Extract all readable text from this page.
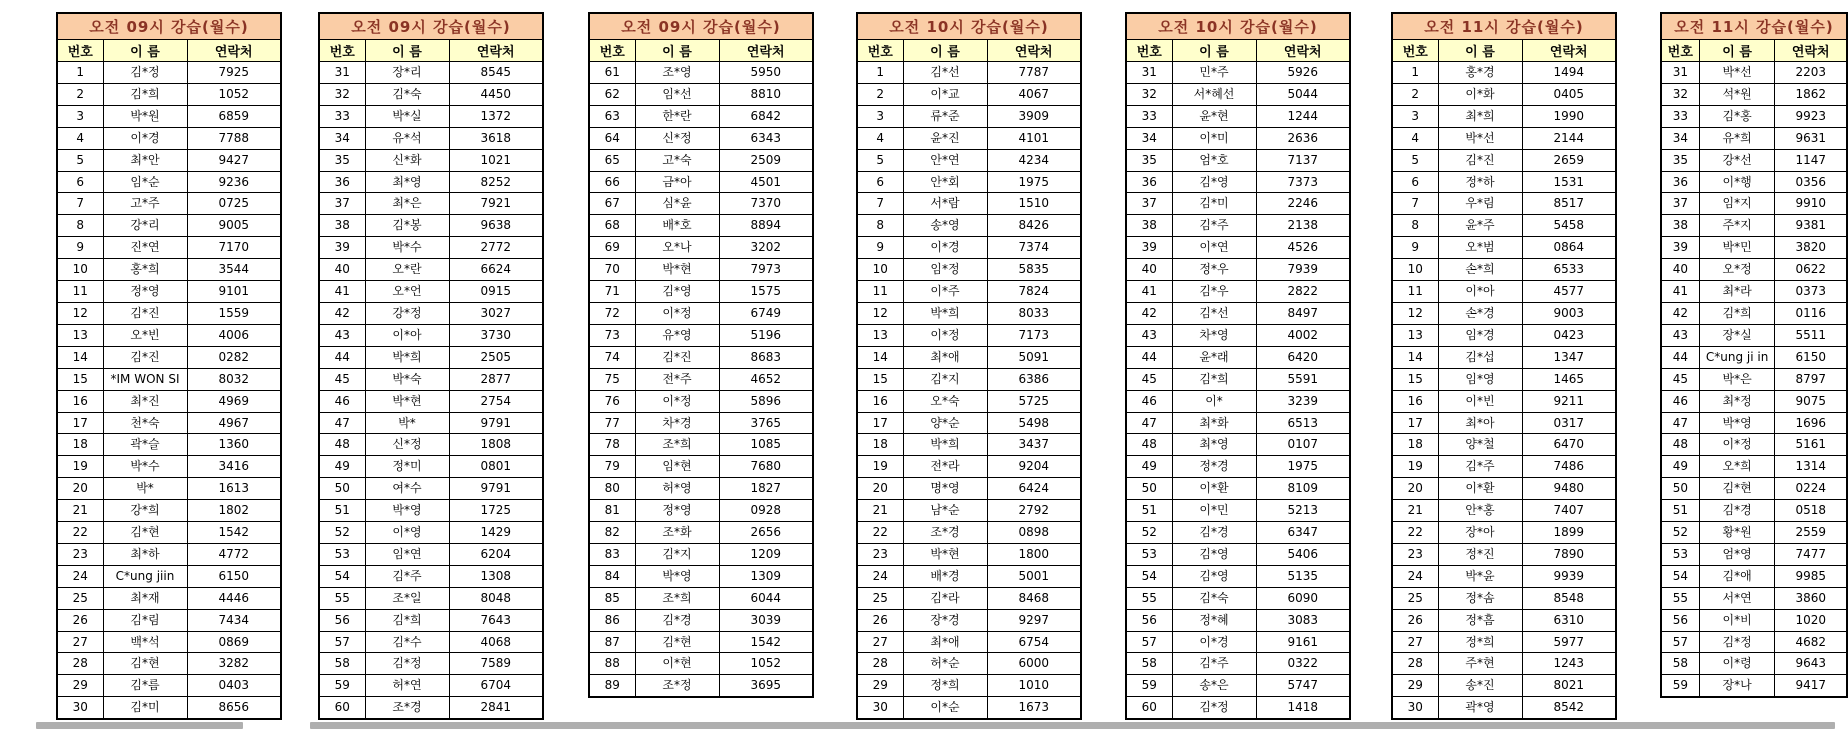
오전 09시 강습(월수)		
번호	이 름	연락처
1	김*정	7925
2	김*희	1052
3	박*원	6859
4	이*경	7788
5	최*안	9427
6	임*순	9236
7	고*주	0725
8	강*리	9005
9	진*연	7170
10	홍*희	3544
11	정*영	9101
12	김*진	1559
13	오*빈	4006
14	김*진	0282
15	*IM WON SI	8032
16	최*진	4969
17	천*숙	4967
18	곽*슬	1360
19	박*수	3416
20	박*	1613
21	강*희	1802
22	김*현	1542
23	최*하	4772
24	C*ung jiin	6150
25	최*재	4446
26	김*림	7434
27	백*석	0869
28	김*현	3282
29	김*름	0403
30	김*미	8656
오전 09시 강습(월수)		
번호	이 름	연락처
31	장*리	8545
32	김*숙	4450
33	박*실	1372
34	유*석	3618
35	신*화	1021
36	최*영	8252
37	최*은	7921
38	김*봉	9638
39	박*수	2772
40	오*란	6624
41	오*언	0915
42	강*정	3027
43	이*아	3730
44	박*희	2505
45	박*숙	2877
46	박*현	2754
47	박*	9791
48	신*정	1808
49	정*미	0801
50	여*수	9791
51	박*영	1725
52	이*영	1429
53	임*연	6204
54	김*주	1308
55	조*일	8048
56	김*희	7643
57	김*수	4068
58	김*정	7589
59	허*연	6704
60	조*경	2841
오전 09시 강습(월수)		
번호	이 름	연락처
61	조*영	5950
62	임*선	8810
63	한*란	6842
64	신*정	6343
65	고*숙	2509
66	금*아	4501
67	심*윤	7370
68	배*호	8894
69	오*나	3202
70	박*현	7973
71	김*영	1575
72	이*정	6749
73	유*영	5196
74	김*진	8683
75	전*주	4652
76	이*정	5896
77	차*경	3765
78	조*희	1085
79	임*현	7680
80	허*영	1827
81	정*영	0928
82	조*화	2656
83	김*지	1209
84	박*영	1309
85	조*희	6044
86	김*경	3039
87	김*현	1542
88	이*현	1052
89	조*정	3695
오전 10시 강습(월수)		
번호	이 름	연락처
1	김*선	7787
2	이*교	4067
3	류*준	3909
4	윤*진	4101
5	안*연	4234
6	안*회	1975
7	서*람	1510
8	송*영	8426
9	이*경	7374
10	임*정	5835
11	이*주	7824
12	박*희	8033
13	이*정	7173
14	최*애	5091
15	김*지	6386
16	오*숙	5725
17	양*순	5498
18	박*희	3437
19	전*라	9204
20	명*영	6424
21	남*순	2792
22	조*경	0898
23	박*현	1800
24	배*경	5001
25	김*라	8468
26	장*경	9297
27	최*애	6754
28	허*순	6000
29	정*희	1010
30	이*순	1673
오전 10시 강습(월수)		
번호	이 름	연락처
31	민*주	5926
32	서*혜선	5044
33	윤*현	1244
34	이*미	2636
35	엄*호	7137
36	김*영	7373
37	김*미	2246
38	김*주	2138
39	이*연	4526
40	정*우	7939
41	김*우	2822
42	김*선	8497
43	차*영	4002
44	윤*래	6420
45	김*희	5591
46	이*	3239
47	최*화	6513
48	최*영	0107
49	정*경	1975
50	이*환	8109
51	이*민	5213
52	김*경	6347
53	김*영	5406
54	김*영	5135
55	김*숙	6090
56	정*혜	3083
57	이*경	9161
58	김*주	0322
59	송*은	5747
60	김*정	1418
오전 11시 강습(월수)		
번호	이 름	연락처
1	홍*경	1494
2	이*화	0405
3	최*희	1990
4	박*선	2144
5	김*진	2659
6	정*하	1531
7	우*림	8517
8	윤*주	5458
9	오*범	0864
10	손*희	6533
11	이*아	4577
12	손*경	9003
13	임*경	0423
14	김*섭	1347
15	임*영	1465
16	이*빈	9211
17	최*아	0317
18	양*철	6470
19	김*주	7486
20	이*환	9480
21	안*홍	7407
22	장*아	1899
23	정*진	7890
24	박*윤	9939
25	정*솜	8548
26	정*흠	6310
27	정*희	5977
28	주*현	1243
29	송*진	8021
30	곽*영	8542
오전 11시 강습(월수)		
번호	이 름	연락처
31	박*선	2203
32	석*원	1862
33	김*홍	9923
34	유*희	9631
35	강*선	1147
36	이*행	0356
37	임*지	9910
38	주*지	9381
39	박*민	3820
40	오*정	0622
41	최*라	0373
42	김*희	0116
43	장*실	5511
44	C*ung ji in	6150
45	박*은	8797
46	최*정	9075
47	박*영	1696
48	이*정	5161
49	오*희	1314
50	김*현	0224
51	김*경	0518
52	황*원	2559
53	엄*영	7477
54	김*애	9985
55	서*연	3860
56	이*비	1020
57	김*정	4682
58	이*령	9643
59	장*나	9417
